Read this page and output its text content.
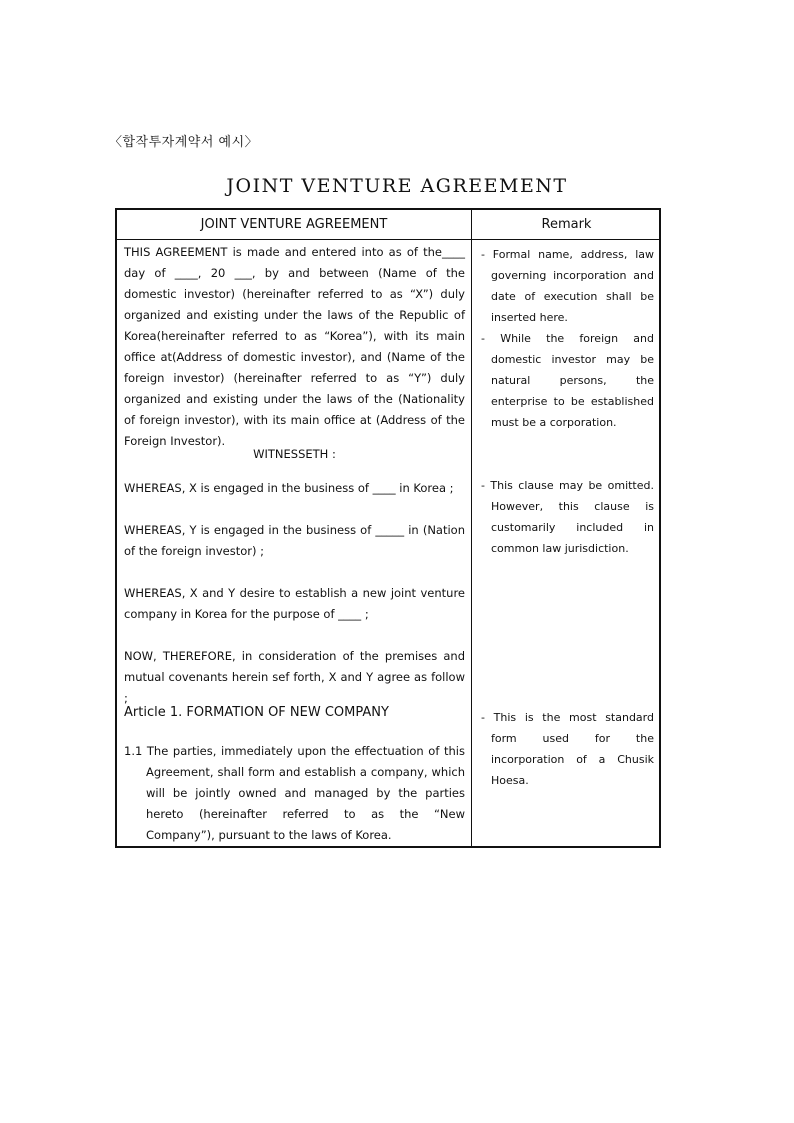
〈합작투자계약서 예시〉
JOINT VENTURE AGREEMENT
JOINT VENTURE AGREEMENT	Remark
THIS AGREEMENT is made and entered into as of the____ day of ____, 20 ___, by and between (Name of the domestic investor) (hereinafter referred to as “X”) duly organized and existing under the laws of the Republic of Korea(hereinafter referred to as “Korea”), with its main office at(Address of domestic investor), and (Name of the foreign investor) (hereinafter referred to as “Y”) duly organized and existing under the laws of the (Nationality of foreign investor), with its main office at (Address of the Foreign Investor).
WITNESSETH :
WHEREAS, X is engaged in the business of ____ in Korea ;
WHEREAS, Y is engaged in the business of _____ in (Nation of the foreign investor) ;
WHEREAS, X and Y desire to establish a new joint venture company in Korea for the purpose of ____ ;
NOW, THEREFORE, in consideration of the premises and mutual covenants herein sef forth, X and Y agree as follow ;
Article 1. FORMATION OF NEW COMPANY
1.1 The parties, immediately upon the effectuation of this Agreement, shall form and establish a company, which will be jointly owned and managed by the parties hereto (hereinafter referred to as the “New Company”), pursuant to the laws of Korea.
- Formal name, address, law governing incorporation and date of execution shall be inserted here.
- While the foreign and domestic investor may be natural persons, the enterprise to be established must be a corporation.
- This clause may be omitted. However, this clause is customarily included in common law jurisdiction.
- This is the most standard form used for the incorporation of a Chusik Hoesa.
